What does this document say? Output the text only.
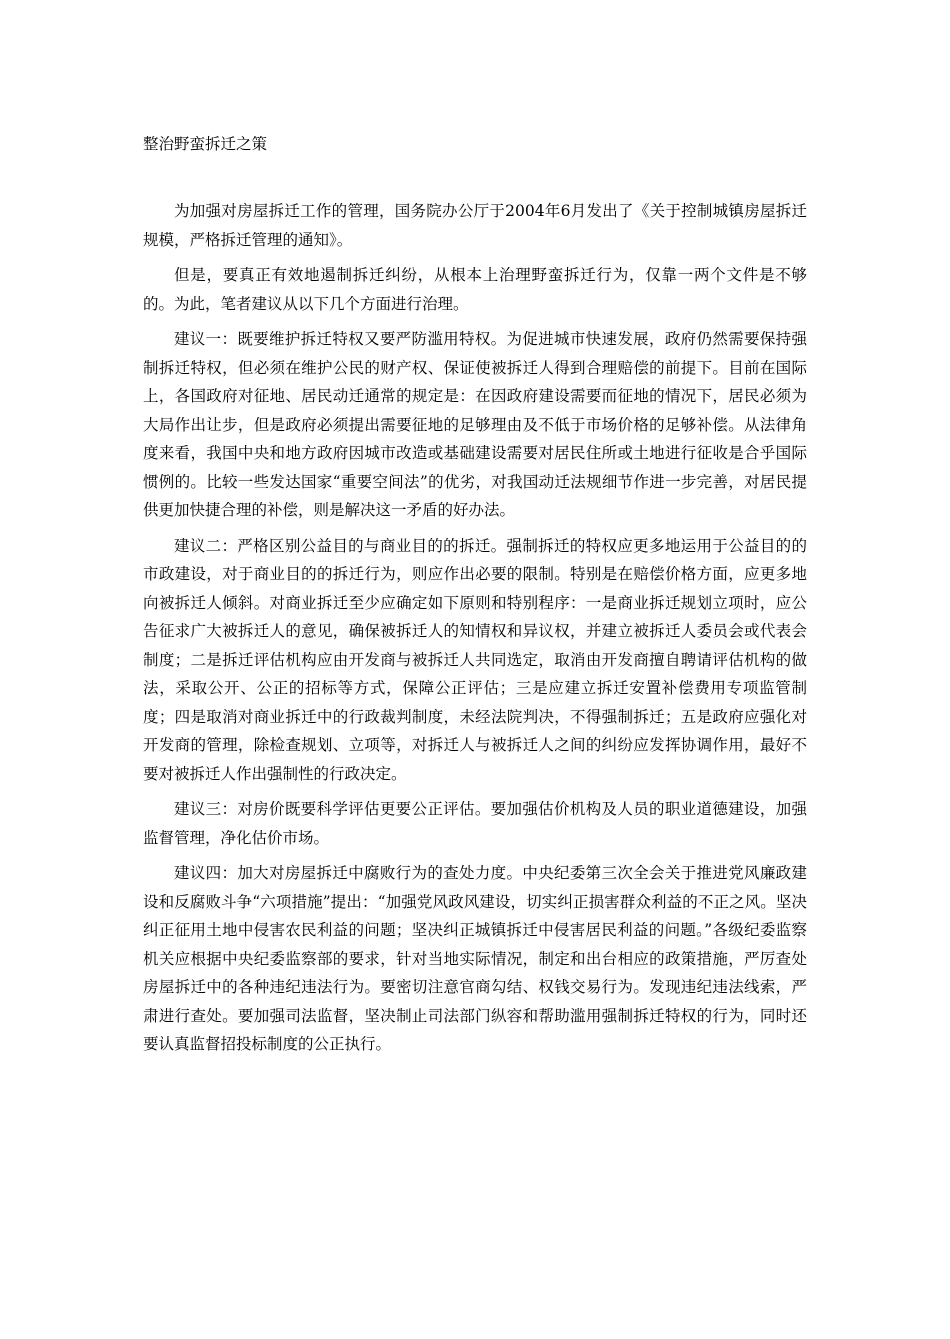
整治野蛮拆迁之策

为加强对房屋拆迁工作的管理，国务院办公厅于2004年6月发出了《关于控制城镇房屋拆迁规模，严格拆迁管理的通知》。

但是，要真正有效地遏制拆迁纠纷，从根本上治理野蛮拆迁行为，仅靠一两个文件是不够的。为此，笔者建议从以下几个方面进行治理。

建议一：既要维护拆迁特权又要严防滥用特权。为促进城市快速发展，政府仍然需要保持强制拆迁特权，但必须在维护公民的财产权、保证使被拆迁人得到合理赔偿的前提下。目前在国际上，各国政府对征地、居民动迁通常的规定是：在因政府建设需要而征地的情况下，居民必须为大局作出让步，但是政府必须提出需要征地的足够理由及不低于市场价格的足够补偿。从法律角度来看，我国中央和地方政府因城市改造或基础建设需要对居民住所或土地进行征收是合乎国际惯例的。比较一些发达国家“重要空间法”的优劣，对我国动迁法规细节作进一步完善，对居民提供更加快捷合理的补偿，则是解决这一矛盾的好办法。

建议二：严格区别公益目的与商业目的的拆迁。强制拆迁的特权应更多地运用于公益目的的市政建设，对于商业目的的拆迁行为，则应作出必要的限制。特别是在赔偿价格方面，应更多地向被拆迁人倾斜。对商业拆迁至少应确定如下原则和特别程序：一是商业拆迁规划立项时，应公告征求广大被拆迁人的意见，确保被拆迁人的知情权和异议权，并建立被拆迁人委员会或代表会制度；二是拆迁评估机构应由开发商与被拆迁人共同选定，取消由开发商擅自聘请评估机构的做法，采取公开、公正的招标等方式，保障公正评估；三是应建立拆迁安置补偿费用专项监管制度；四是取消对商业拆迁中的行政裁判制度，未经法院判决，不得强制拆迁；五是政府应强化对开发商的管理，除检查规划、立项等，对拆迁人与被拆迁人之间的纠纷应发挥协调作用，最好不要对被拆迁人作出强制性的行政决定。

建议三：对房价既要科学评估更要公正评估。要加强估价机构及人员的职业道德建设，加强监督管理，净化估价市场。

建议四：加大对房屋拆迁中腐败行为的查处力度。中央纪委第三次全会关于推进党风廉政建设和反腐败斗争“六项措施”提出：“加强党风政风建设，切实纠正损害群众利益的不正之风。坚决纠正征用土地中侵害农民利益的问题；坚决纠正城镇拆迁中侵害居民利益的问题。”各级纪委监察机关应根据中央纪委监察部的要求，针对当地实际情况，制定和出台相应的政策措施，严厉查处房屋拆迁中的各种违纪违法行为。要密切注意官商勾结、权钱交易行为。发现违纪违法线索，严肃进行查处。要加强司法监督，坚决制止司法部门纵容和帮助滥用强制拆迁特权的行为，同时还要认真监督招投标制度的公正执行。
